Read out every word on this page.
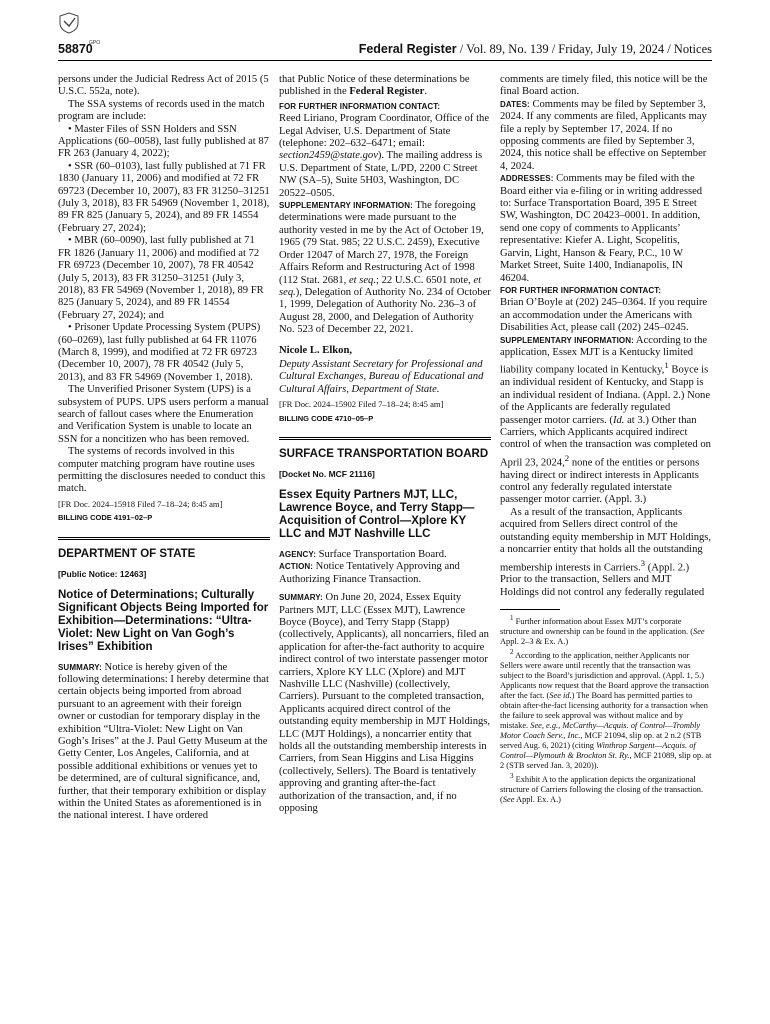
GPO
58870	Federal Register / Vol. 89, No. 139 / Friday, July 19, 2024 / Notices

persons under the Judicial Redress Act of 2015 (5 U.S.C. 552a, note).

The SSA systems of records used in the match program are include:

• Master Files of SSN Holders and SSN Applications (60–0058), last fully published at 87 FR 263 (January 4, 2022);

• SSR (60–0103), last fully published at 71 FR 1830 (January 11, 2006) and modified at 72 FR 69723 (December 10, 2007), 83 FR 31250–31251 (July 3, 2018), 83 FR 54969 (November 1, 2018), 89 FR 825 (January 5, 2024), and 89 FR 14554 (February 27, 2024);

• MBR (60–0090), last fully published at 71 FR 1826 (January 11, 2006) and modified at 72 FR 69723 (December 10, 2007), 78 FR 40542 (July 5, 2013), 83 FR 31250–31251 (July 3, 2018), 83 FR 54969 (November 1, 2018), 89 FR 825 (January 5, 2024), and 89 FR 14554 (February 27, 2024); and

• Prisoner Update Processing System (PUPS) (60–0269), last fully published at 64 FR 11076 (March 8, 1999), and modified at 72 FR 69723 (December 10, 2007), 78 FR 40542 (July 5, 2013), and 83 FR 54969 (November 1, 2018).

The Unverified Prisoner System (UPS) is a subsystem of PUPS. UPS users perform a manual search of fallout cases where the Enumeration and Verification System is unable to locate an SSN for a noncitizen who has been removed.

The systems of records involved in this computer matching program have routine uses permitting the disclosures needed to conduct this match.

[FR Doc. 2024–15918 Filed 7–18–24; 8:45 am]

BILLING CODE 4191–02–P

DEPARTMENT OF STATE

[Public Notice: 12463]

Notice of Determinations; Culturally Significant Objects Being Imported for Exhibition—Determinations: “Ultra-Violet: New Light on Van Gogh’s Irises” Exhibition

SUMMARY: Notice is hereby given of the following determinations: I hereby determine that certain objects being imported from abroad pursuant to an agreement with their foreign owner or custodian for temporary display in the exhibition “Ultra-Violet: New Light on Van Gogh’s Irises” at the J. Paul Getty Museum at the Getty Center, Los Angeles, California, and at possible additional exhibitions or venues yet to be determined, are of cultural significance, and, further, that their temporary exhibition or display within the United States as aforementioned is in the national interest. I have ordered

that Public Notice of these determinations be published in the Federal Register.

FOR FURTHER INFORMATION CONTACT:

Reed Liriano, Program Coordinator, Office of the Legal Adviser, U.S. Department of State (telephone: 202–632–6471; email: section2459@state.gov). The mailing address is U.S. Department of State, L/PD, 2200 C Street NW (SA–5), Suite 5H03, Washington, DC 20522–0505.

SUPPLEMENTARY INFORMATION: The foregoing determinations were made pursuant to the authority vested in me by the Act of October 19, 1965 (79 Stat. 985; 22 U.S.C. 2459), Executive Order 12047 of March 27, 1978, the Foreign Affairs Reform and Restructuring Act of 1998 (112 Stat. 2681, et seq.; 22 U.S.C. 6501 note, et seq.), Delegation of Authority No. 234 of October 1, 1999, Delegation of Authority No. 236–3 of August 28, 2000, and Delegation of Authority No. 523 of December 22, 2021.

Nicole L. Elkon,

Deputy Assistant Secretary for Professional and Cultural Exchanges, Bureau of Educational and Cultural Affairs, Department of State.

[FR Doc. 2024–15902 Filed 7–18–24; 8:45 am]

BILLING CODE 4710–05–P

SURFACE TRANSPORTATION BOARD

[Docket No. MCF 21116]

Essex Equity Partners MJT, LLC, Lawrence Boyce, and Terry Stapp—Acquisition of Control—Xplore KY LLC and MJT Nashville LLC

AGENCY: Surface Transportation Board.

ACTION: Notice Tentatively Approving and Authorizing Finance Transaction.

SUMMARY: On June 20, 2024, Essex Equity Partners MJT, LLC (Essex MJT), Lawrence Boyce (Boyce), and Terry Stapp (Stapp) (collectively, Applicants), all noncarriers, filed an application for after-the-fact authority to acquire indirect control of two interstate passenger motor carriers, Xplore KY LLC (Xplore) and MJT Nashville LLC (Nashville) (collectively, Carriers). Pursuant to the completed transaction, Applicants acquired direct control of the outstanding equity membership in MJT Holdings, LLC (MJT Holdings), a noncarrier entity that holds all the outstanding membership interests in Carriers, from Sean Higgins and Lisa Higgins (collectively, Sellers). The Board is tentatively approving and granting after-the-fact authorization of the transaction, and, if no opposing

comments are timely filed, this notice will be the final Board action.

DATES: Comments may be filed by September 3, 2024. If any comments are filed, Applicants may file a reply by September 17, 2024. If no opposing comments are filed by September 3, 2024, this notice shall be effective on September 4, 2024.

ADDRESSES: Comments may be filed with the Board either via e-filing or in writing addressed to: Surface Transportation Board, 395 E Street SW, Washington, DC 20423–0001. In addition, send one copy of comments to Applicants’ representative: Kiefer A. Light, Scopelitis, Garvin, Light, Hanson & Feary, P.C., 10 W Market Street, Suite 1400, Indianapolis, IN 46204.

FOR FURTHER INFORMATION CONTACT:

Brian O’Boyle at (202) 245–0364. If you require an accommodation under the Americans with Disabilities Act, please call (202) 245–0245.

SUPPLEMENTARY INFORMATION: According to the application, Essex MJT is a Kentucky limited liability company located in Kentucky,$^1$ Boyce is an individual resident of Kentucky, and Stapp is an individual resident of Indiana. (Appl. 2.) None of the Applicants are federally regulated passenger motor carriers. (Id. at 3.) Other than Carriers, which Applicants acquired indirect control of when the transaction was completed on April 23, 2024,$^2$ none of the entities or persons having direct or indirect interests in Applicants control any federally regulated interstate passenger motor carrier. (Appl. 3.)

As a result of the transaction, Applicants acquired from Sellers direct control of the outstanding equity membership in MJT Holdings, a noncarrier entity that holds all the outstanding membership interests in Carriers.$^3$ (Appl. 2.) Prior to the transaction, Sellers and MJT Holdings did not control any federally regulated

$^1$ Further information about Essex MJT’s corporate structure and ownership can be found in the application. (See Appl. 2–3 & Ex. A.)

$^2$ According to the application, neither Applicants nor Sellers were aware until recently that the transaction was subject to the Board’s jurisdiction and approval. (Appl. 1, 5.) Applicants now request that the Board approve the transaction after the fact. (See id.) The Board has permitted parties to obtain after-the-fact licensing authority for a transaction when the failure to seek approval was without malice and by mistake. See, e.g., McCarthy—Acquis. of Control—Trombly Motor Coach Serv., Inc., MCF 21094, slip op. at 2 n.2 (STB served Aug. 6, 2021) (citing Winthrop Sargent—Acquis. of Control—Plymouth & Brockton St. Ry., MCF 21089, slip op. at 2 (STB served Jan. 3, 2020)).

$^3$ Exhibit A to the application depicts the organizational structure of Carriers following the closing of the transaction. (See Appl. Ex. A.)
